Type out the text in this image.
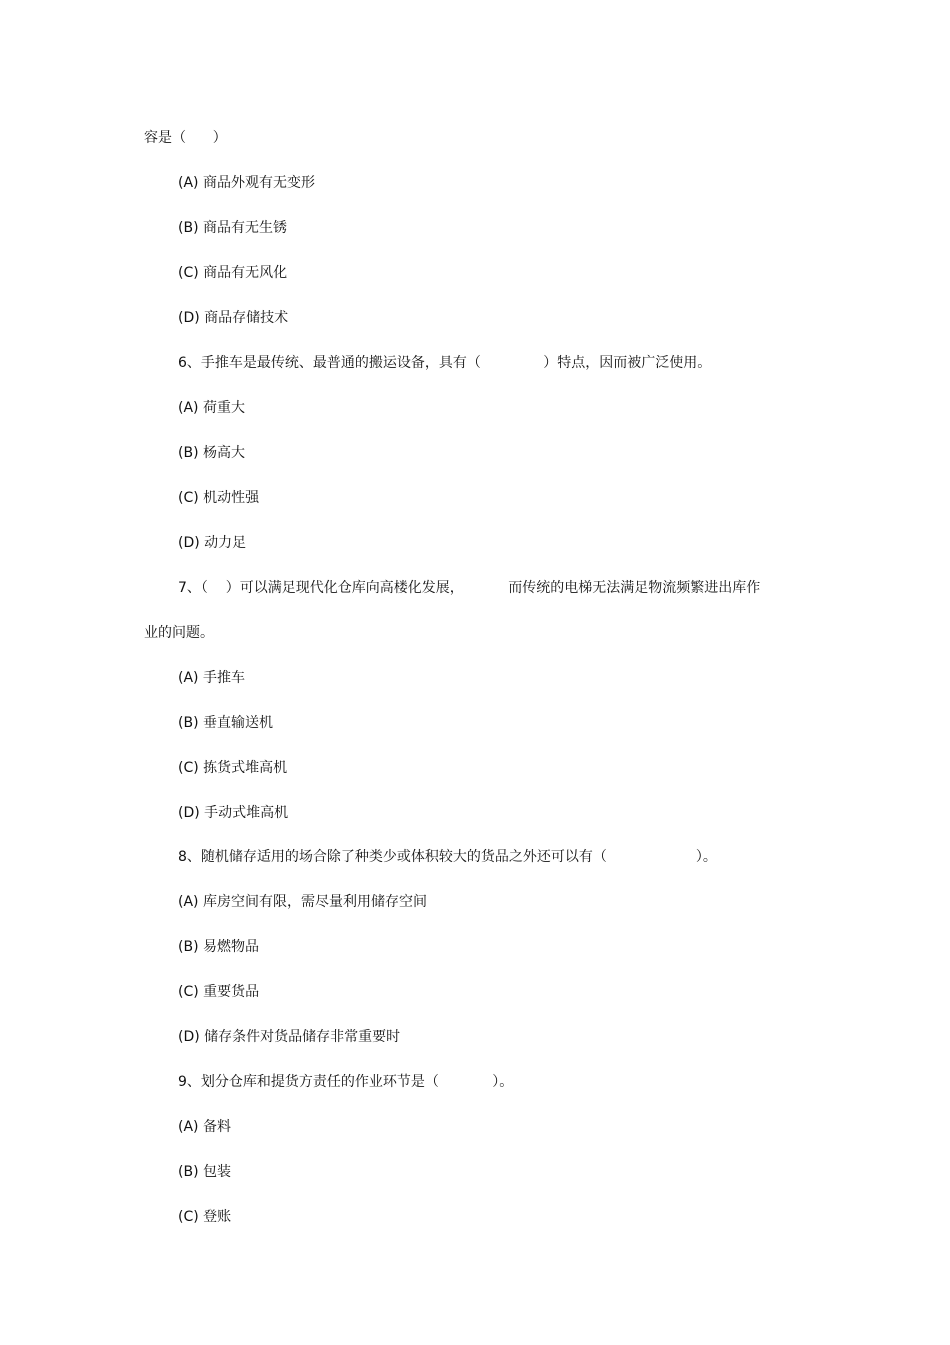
容是（      ）
(A) 商品外观有无变形
(B) 商品有无生锈
(C) 商品有无风化
(D) 商品存储技术
6、手推车是最传统、最普通的搬运设备，具有（              ）特点，因而被广泛使用。
(A) 荷重大
(B) 杨高大
(C) 机动性强
(D) 动力足
7、（    ）可以满足现代化仓库向高楼化发展，          而传统的电梯无法满足物流频繁进出库作
业的问题。
(A) 手推车
(B) 垂直输送机
(C) 拣货式堆高机
(D) 手动式堆高机
8、随机储存适用的场合除了种类少或体积较大的货品之外还可以有（                    ）。
(A) 库房空间有限，需尽量利用储存空间
(B) 易燃物品
(C) 重要货品
(D) 储存条件对货品储存非常重要时
9、划分仓库和提货方责任的作业环节是（            ）。
(A) 备料
(B) 包装
(C) 登账
